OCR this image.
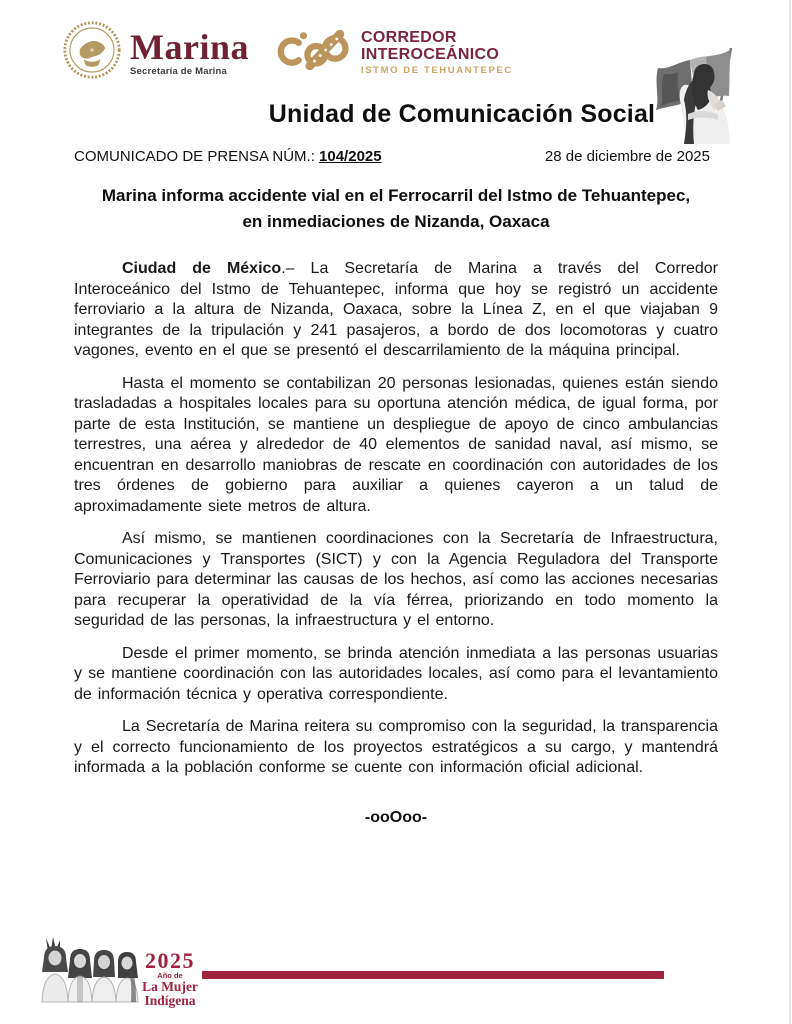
Marina
Secretaría de Marina
CORREDOR
INTEROCEÁNICO
ISTMO DE TEHUANTEPEC
Unidad de Comunicación Social
COMUNICADO DE PRENSA NÚM.: 104/2025	28 de diciembre de 2025
Marina informa accidente vial en el Ferrocarril del Istmo de Tehuantepec,
en inmediaciones de Nizanda, Oaxaca

Ciudad de México.– La Secretaría de Marina a través del Corredor Interoceánico del Istmo de Tehuantepec, informa que hoy se registró un accidente ferroviario a la altura de Nizanda, Oaxaca, sobre la Línea Z, en el que viajaban 9 integrantes de la tripulación y 241 pasajeros, a bordo de dos locomotoras y cuatro vagones, evento en el que se presentó el descarrilamiento de la máquina principal.

Hasta el momento se contabilizan 20 personas lesionadas, quienes están siendo trasladadas a hospitales locales para su oportuna atención médica, de igual forma, por parte de esta Institución, se mantiene un despliegue de apoyo de cinco ambulancias terrestres, una aérea y alrededor de 40 elementos de sanidad naval, así mismo, se encuentran en desarrollo maniobras de rescate en coordinación con autoridades de los tres órdenes de gobierno para auxiliar a quienes cayeron a un talud de aproximadamente siete metros de altura.

Así mismo, se mantienen coordinaciones con la Secretaría de Infraestructura, Comunicaciones y Transportes (SICT) y con la Agencia Reguladora del Transporte Ferroviario para determinar las causas de los hechos, así como las acciones necesarias para recuperar la operatividad de la vía férrea, priorizando en todo momento la seguridad de las personas, la infraestructura y el entorno.

Desde el primer momento, se brinda atención inmediata a las personas usuarias y se mantiene coordinación con las autoridades locales, así como para el levantamiento de información técnica y operativa correspondiente.

La Secretaría de Marina reitera su compromiso con la seguridad, la transparencia y el correcto funcionamiento de los proyectos estratégicos a su cargo, y mantendrá informada a la población conforme se cuente con información oficial adicional.

-ooOoo-
2025
Año de
La Mujer
Indígena
